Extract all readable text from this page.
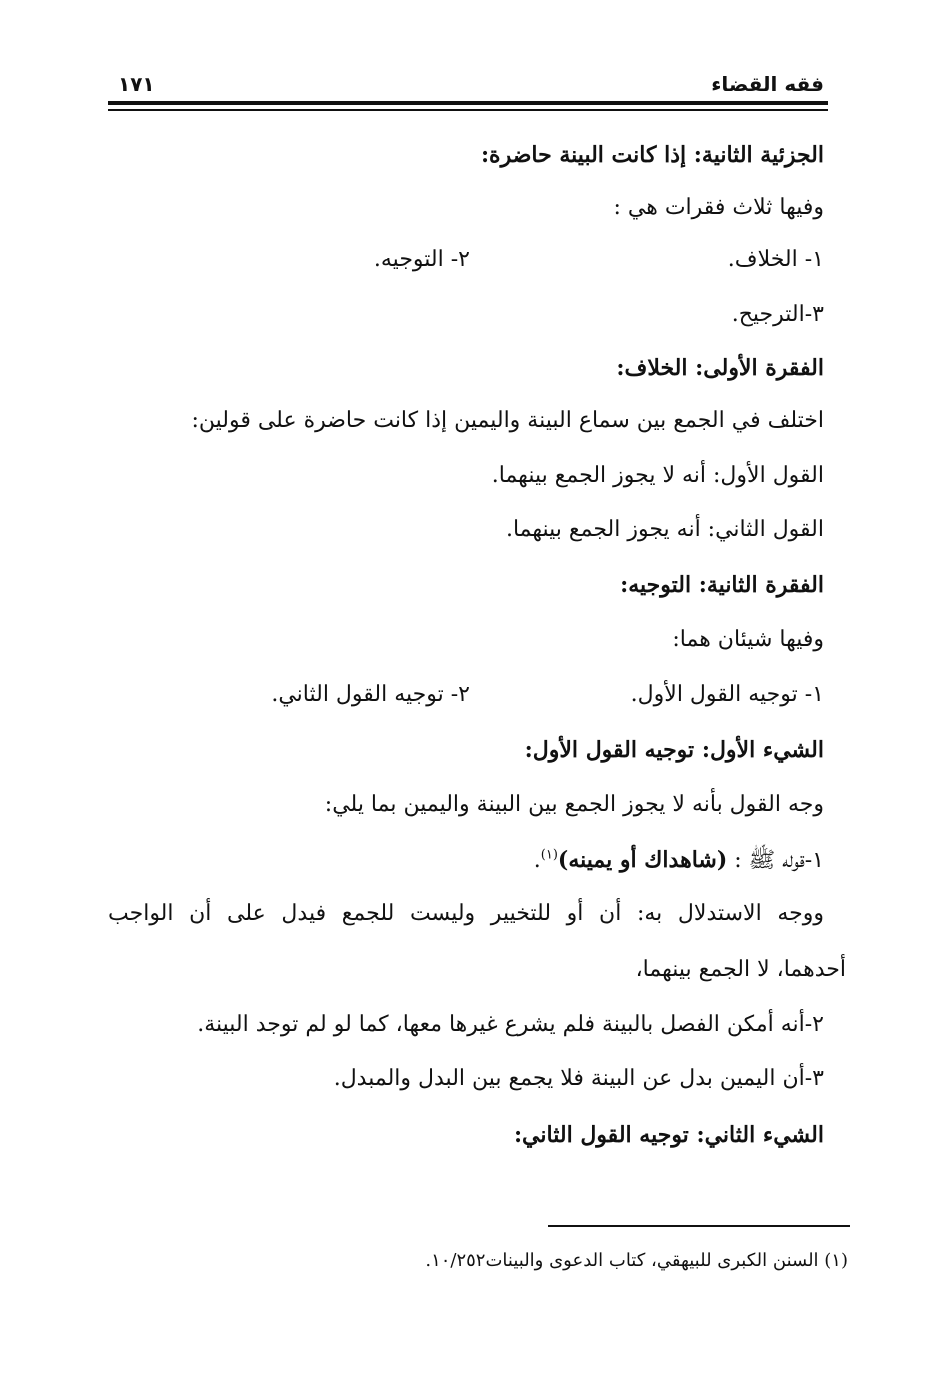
فقه القضاء
١٧١
الجزئية الثانية: إذا كانت البينة حاضرة:
وفيها ثلاث فقرات هي :
١- الخلاف.
٢- التوجيه.
٣-الترجيح.
الفقرة الأولى: الخلاف:
اختلف في الجمع بين سماع البينة واليمين إذا كانت حاضرة على قولين:
القول الأول: أنه لا يجوز الجمع بينهما.
القول الثاني: أنه يجوز الجمع بينهما.
الفقرة الثانية: التوجيه:
وفيها شيئان هما:
١- توجيه القول الأول.
٢- توجيه القول الثاني.
الشيء الأول: توجيه القول الأول:
وجه القول بأنه لا يجوز الجمع بين البينة واليمين بما يلي:
١-قوله ﷺ : (شاهداك أو يمينه)$^{(١)}$.
ووجه الاستدلال به: أن أو للتخيير وليست للجمع فيدل على أن الواجب
أحدهما، لا الجمع بينهما،
٢-أنه أمكن الفصل بالبينة فلم يشرع غيرها معها، كما لو لم توجد البينة.
٣-أن اليمين بدل عن البينة فلا يجمع بين البدل والمبدل.
الشيء الثاني: توجيه القول الثاني:
(١) السنن الكبرى للبيهقي، كتاب الدعوى والبينات١٠/٢٥٢.
